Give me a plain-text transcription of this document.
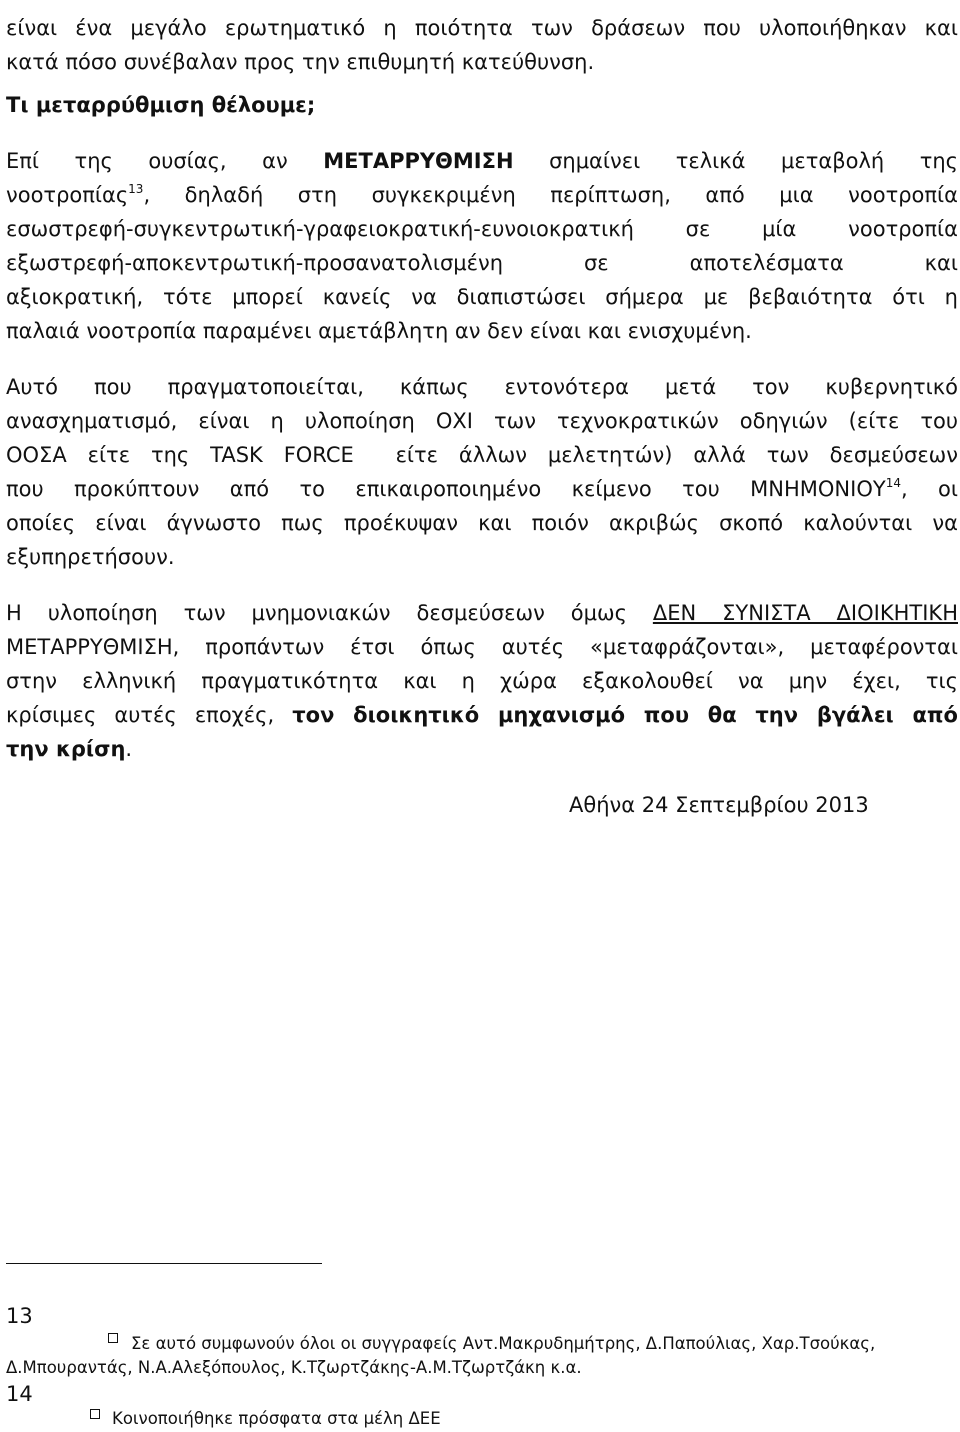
είναι ένα μεγάλο ερωτηματικό η ποιότητα των δράσεων που υλοποιήθηκαν και
κατά πόσο συνέβαλαν προς την επιθυμητή κατεύθυνση.

Τι μεταρρύθμιση θέλουμε;

Επί της ουσίας, αν ΜΕΤΑΡΡΥΘΜΙΣΗ σημαίνει τελικά μεταβολή της
νοοτροπίας$^{13}$, δηλαδή στη συγκεκριμένη περίπτωση, από μια νοοτροπία
εσωστρεφή-συγκεντρωτική-γραφειοκρατική-ευνοιοκρατική σε μία νοοτροπία
εξωστρεφή-αποκεντρωτική-προσανατολισμένη σε αποτελέσματα και
αξιοκρατική, τότε μπορεί κανείς να διαπιστώσει σήμερα με βεβαιότητα ότι η
παλαιά νοοτροπία παραμένει αμετάβλητη αν δεν είναι και ενισχυμένη.

Αυτό που πραγματοποιείται, κάπως εντονότερα μετά τον κυβερνητικό
ανασχηματισμό, είναι η υλοποίηση ΟΧΙ των τεχνοκρατικών οδηγιών (είτε του
ΟΟΣΑ είτε της TASK FORCE  είτε άλλων μελετητών) αλλά των δεσμεύσεων
που προκύπτουν από το επικαιροποιημένο κείμενο του ΜΝΗΜΟΝΙΟΥ$^{14}$, οι
οποίες είναι άγνωστο πως προέκυψαν και ποιόν ακριβώς σκοπό καλούνται να
εξυπηρετήσουν.

Η υλοποίηση των μνημονιακών δεσμεύσεων όμως ΔΕΝ ΣΥΝΙΣΤΑ ΔΙΟΙΚΗΤΙΚΗ
ΜΕΤΑΡΡΥΘΜΙΣΗ, προπάντων έτσι όπως αυτές «μεταφράζονται», μεταφέρονται
στην ελληνική πραγματικότητα και η χώρα εξακολουθεί να μην έχει, τις
κρίσιμες αυτές εποχές, τον διοικητικό μηχανισμό που θα την βγάλει από
την κρίση.

Αθήνα 24 Σεπτεμβρίου 2013
13
Σε αυτό συμφωνούν όλοι οι συγγραφείς Αντ.Μακρυδημήτρης, Δ.Παπούλιας, Χαρ.Τσούκας,
Δ.Μπουραντάς, Ν.Α.Αλεξόπουλος, Κ.Τζωρτζάκης-Α.Μ.Τζωρτζάκη κ.α.
14
Κοινοποιήθηκε πρόσφατα στα μέλη ΔΕΕ
